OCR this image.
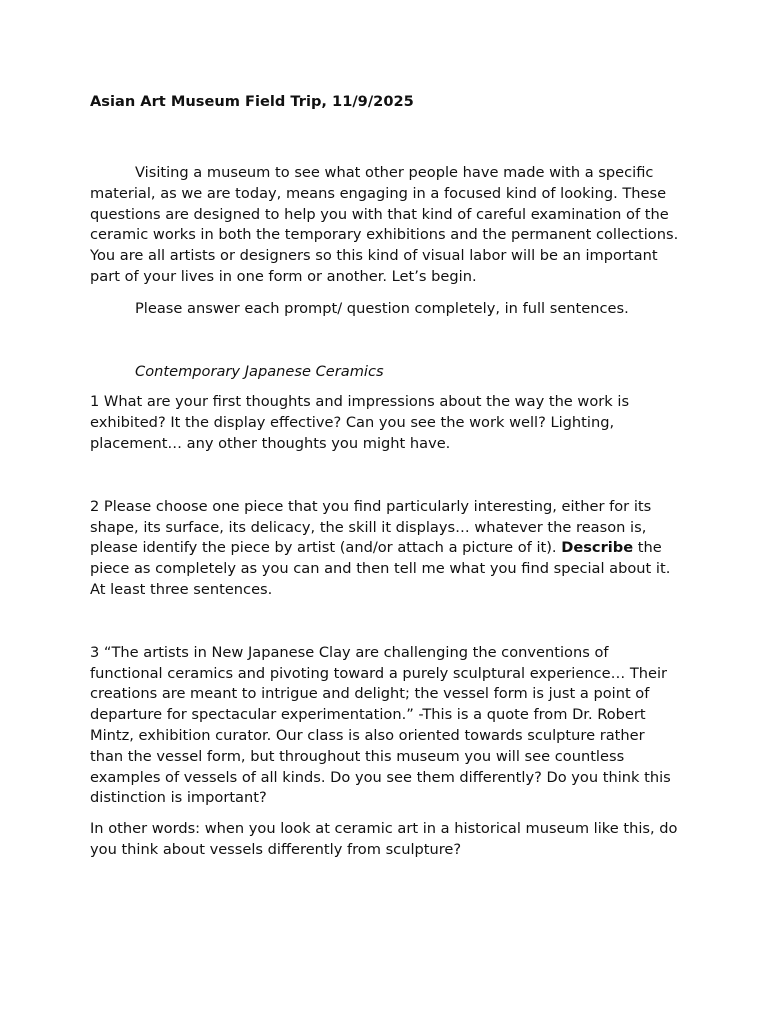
Asian Art Museum Field Trip, 11/9/2025

Visiting a museum to see what other people have made with a specific material, as we are today, means engaging in a focused kind of looking. These questions are designed to help you with that kind of careful examination of the ceramic works in both the temporary exhibitions and the permanent collections. You are all artists or designers so this kind of visual labor will be an important part of your lives in one form or another. Let’s begin.

Please answer each prompt/ question completely, in full sentences.

Contemporary Japanese Ceramics

1 What are your first thoughts and impressions about the way the work is exhibited? It the display effective? Can you see the work well? Lighting, placement… any other thoughts you might have.

2 Please choose one piece that you find particularly interesting, either for its shape, its surface, its delicacy, the skill it displays… whatever the reason is, please identify the piece by artist (and/or attach a picture of it). Describe the piece as completely as you can and then tell me what you find special about it. At least three sentences.

3 “The artists in New Japanese Clay are challenging the conventions of functional ceramics and pivoting toward a purely sculptural experience… Their creations are meant to intrigue and delight; the vessel form is just a point of departure for spectacular experimentation.” -This is a quote from Dr. Robert Mintz, exhibition curator. Our class is also oriented towards sculpture rather than the vessel form, but throughout this museum you will see countless examples of vessels of all kinds. Do you see them differently? Do you think this distinction is important?

In other words: when you look at ceramic art in a historical museum like this, do you think about vessels differently from sculpture?
